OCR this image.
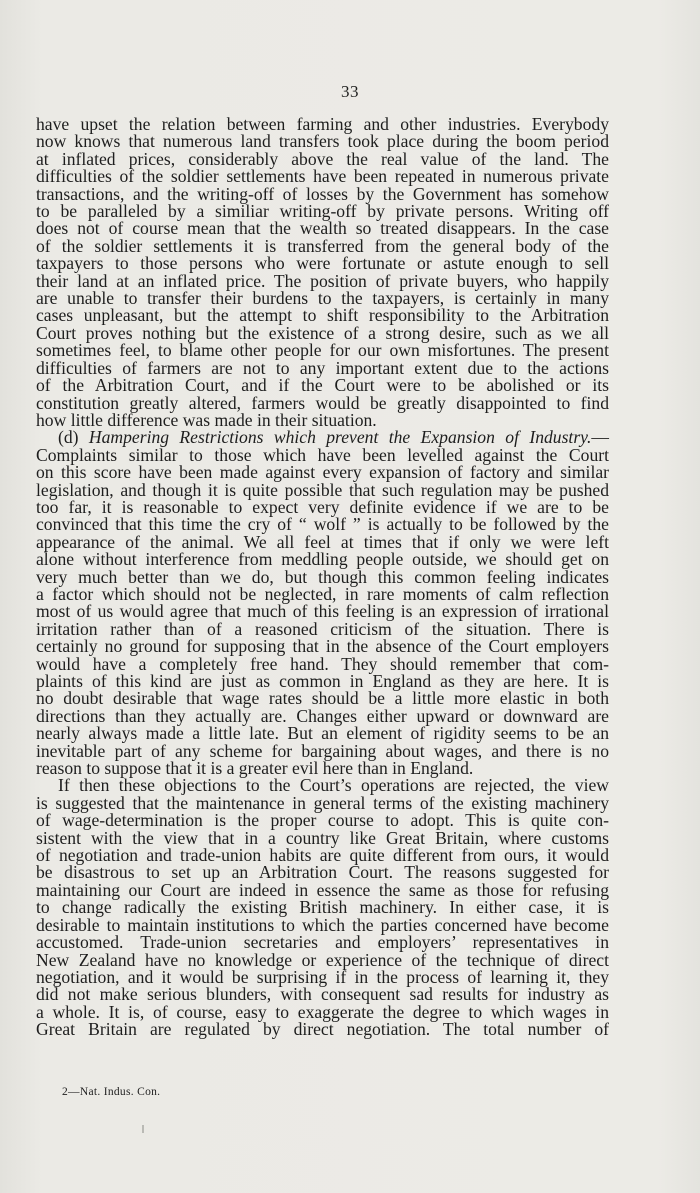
33
have upset the relation between farming and other industries. Everybody
now knows that numerous land transfers took place during the boom period
at inflated prices, considerably above the real value of the land. The
difficulties of the soldier settlements have been repeated in numerous private
transactions, and the writing-off of losses by the Government has somehow
to be paralleled by a similiar writing-off by private persons. Writing off
does not of course mean that the wealth so treated disappears. In the case
of the soldier settlements it is transferred from the general body of the
taxpayers to those persons who were fortunate or astute enough to sell
their land at an inflated price. The position of private buyers, who happily
are unable to transfer their burdens to the taxpayers, is certainly in many
cases unpleasant, but the attempt to shift responsibility to the Arbitration
Court proves nothing but the existence of a strong desire, such as we all
sometimes feel, to blame other people for our own misfortunes. The present
difficulties of farmers are not to any important extent due to the actions
of the Arbitration Court, and if the Court were to be abolished or its
constitution greatly altered, farmers would be greatly disappointed to find
how little difference was made in their situation.
(d) Hampering Restrictions which prevent the Expansion of Industry.—
Complaints similar to those which have been levelled against the Court
on this score have been made against every expansion of factory and similar
legislation, and though it is quite possible that such regulation may be pushed
too far, it is reasonable to expect very definite evidence if we are to be
convinced that this time the cry of “ wolf ” is actually to be followed by the
appearance of the animal. We all feel at times that if only we were left
alone without interference from meddling people outside, we should get on
very much better than we do, but though this common feeling indicates
a factor which should not be neglected, in rare moments of calm reflection
most of us would agree that much of this feeling is an expression of irrational
irritation rather than of a reasoned criticism of the situation. There is
certainly no ground for supposing that in the absence of the Court employers
would have a completely free hand. They should remember that com-
plaints of this kind are just as common in England as they are here. It is
no doubt desirable that wage rates should be a little more elastic in both
directions than they actually are. Changes either upward or downward are
nearly always made a little late. But an element of rigidity seems to be an
inevitable part of any scheme for bargaining about wages, and there is no
reason to suppose that it is a greater evil here than in England.
If then these objections to the Court’s operations are rejected, the view
is suggested that the maintenance in general terms of the existing machinery
of wage-determination is the proper course to adopt. This is quite con-
sistent with the view that in a country like Great Britain, where customs
of negotiation and trade-union habits are quite different from ours, it would
be disastrous to set up an Arbitration Court. The reasons suggested for
maintaining our Court are indeed in essence the same as those for refusing
to change radically the existing British machinery. In either case, it is
desirable to maintain institutions to which the parties concerned have become
accustomed. Trade-union secretaries and employers’ representatives in
New Zealand have no knowledge or experience of the technique of direct
negotiation, and it would be surprising if in the process of learning it, they
did not make serious blunders, with consequent sad results for industry as
a whole. It is, of course, easy to exaggerate the degree to which wages in
Great Britain are regulated by direct negotiation. The total number of
2—Nat. Indus. Con.
